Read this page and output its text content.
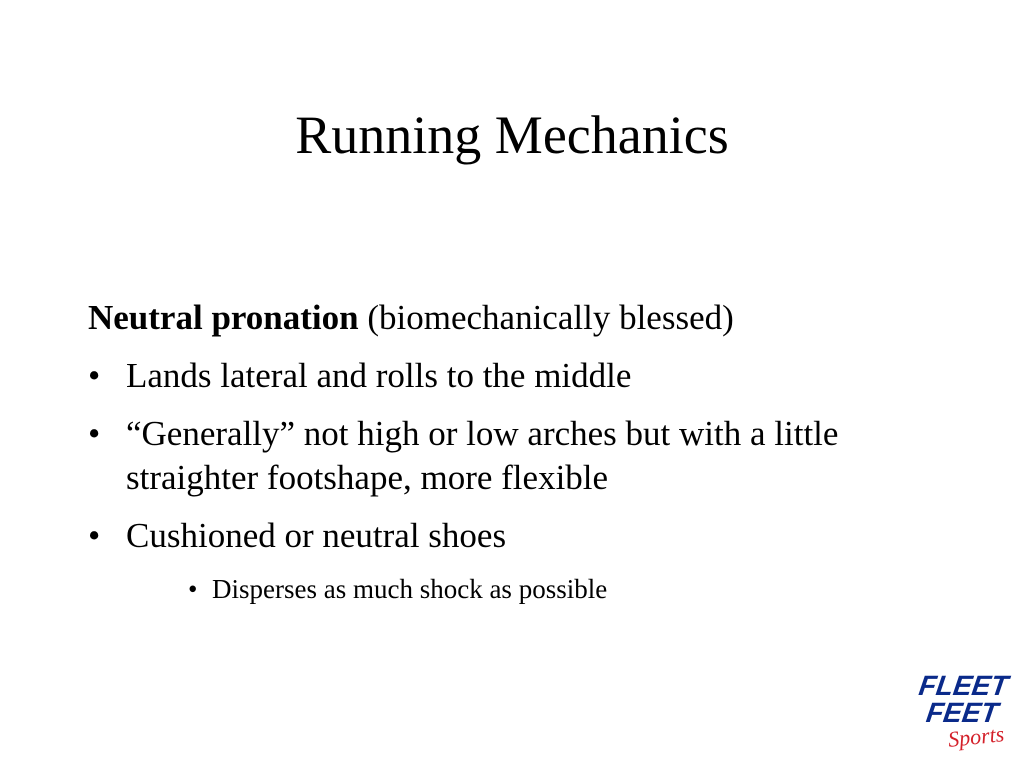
Running Mechanics
Neutral pronation (biomechanically blessed)
• Lands lateral and rolls to the middle
• “Generally” not high or low arches but with a little straighter footshape, more flexible
• Cushioned or neutral shoes
• Disperses as much shock as possible
FLEET
FEET
Sports
